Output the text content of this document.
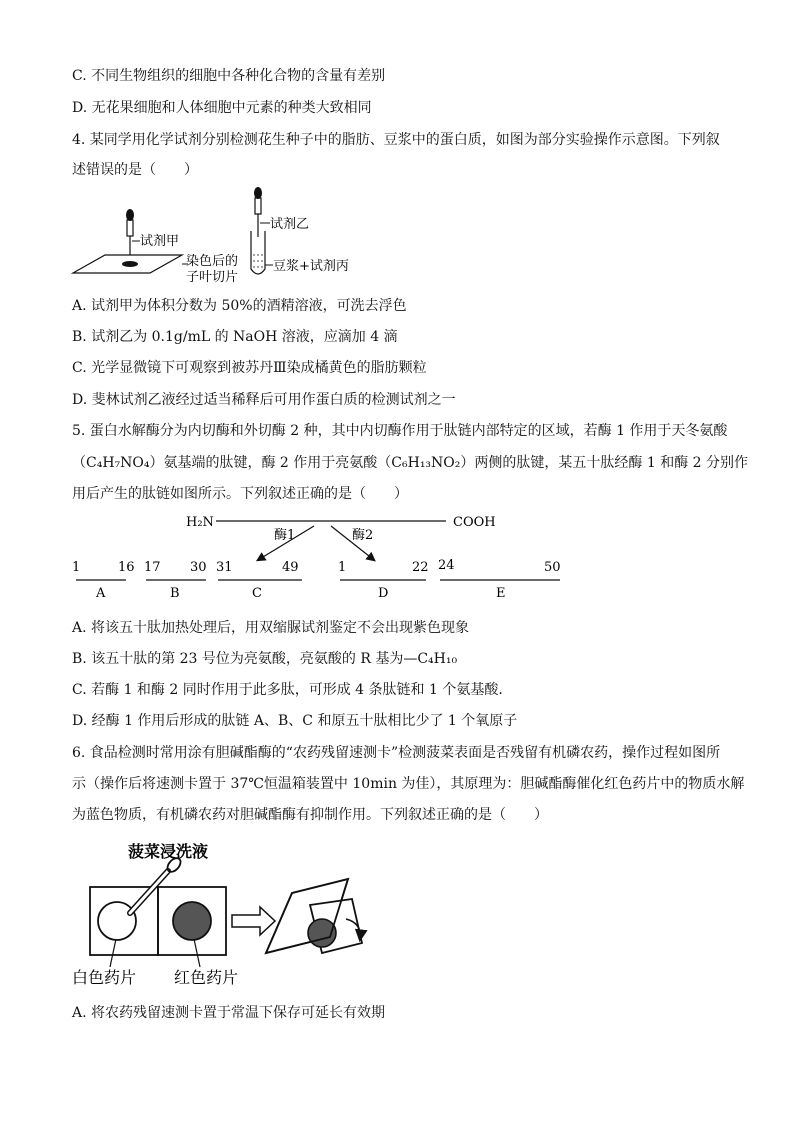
C. 不同生物组织的细胞中各种化合物的含量有差别
D. 无花果细胞和人体细胞中元素的种类大致相同
4. 某同学用化学试剂分别检测花生种子中的脂肪、豆浆中的蛋白质，如图为部分实验操作示意图。下列叙
述错误的是（　　）
试剂甲
染色后的
子叶切片
试剂乙
豆浆+试剂丙
A. 试剂甲为体积分数为 50%的酒精溶液，可洗去浮色
B. 试剂乙为 0.1g/mL 的 NaOH 溶液，应滴加 4 滴
C. 光学显微镜下可观察到被苏丹Ⅲ染成橘黄色的脂肪颗粒
D. 斐林试剂乙液经过适当稀释后可用作蛋白质的检测试剂之一
5. 蛋白水解酶分为内切酶和外切酶 2 种，其中内切酶作用于肽链内部特定的区域，若酶 1 作用于天冬氨酸
（C₄H₇NO₄）氨基端的肽键，酶 2 作用于亮氨酸（C₆H₁₃NO₂）两侧的肽键，某五十肽经酶 1 和酶 2 分别作
用后产生的肽链如图所示。下列叙述正确的是（　　）
H₂N	COOH
酶1	酶2
1	16
A
17 30
B
31	49
C
1	22
D
24	50
E
A. 将该五十肽加热处理后，用双缩脲试剂鉴定不会出现紫色现象
B. 该五十肽的第 23 号位为亮氨酸，亮氨酸的 R 基为—C₄H₁₀
C. 若酶 1 和酶 2 同时作用于此多肽，可形成 4 条肽链和 1 个氨基酸.
D. 经酶 1 作用后形成的肽链 A、B、C 和原五十肽相比少了 1 个氧原子
6. 食品检测时常用涂有胆碱酯酶的“农药残留速测卡”检测菠菜表面是否残留有机磷农药，操作过程如图所
示（操作后将速测卡置于 37℃恒温箱装置中 10min 为佳），其原理为：胆碱酯酶催化红色药片中的物质水解
为蓝色物质，有机磷农药对胆碱酯酶有抑制作用。下列叙述正确的是（　　）
菠菜浸洗液
白色药片 红色药片
A. 将农药残留速测卡置于常温下保存可延长有效期
